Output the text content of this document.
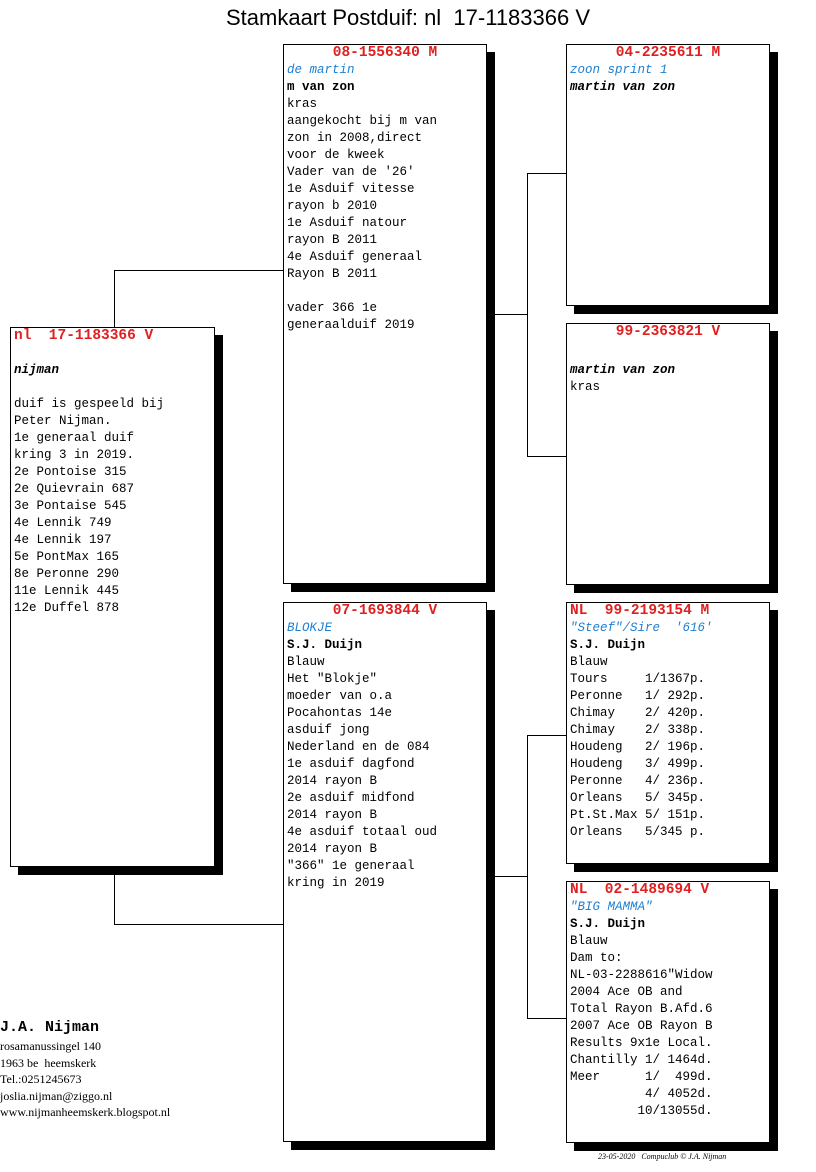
Stamkaart Postduif: nl  17-1183366 V
nl  17-1183366 V
nijman
duif is gespeeld bij
Peter Nijman.
1e generaal duif
kring 3 in 2019.
2e Pontoise 315
2e Quievrain 687
3e Pontaise 545
4e Lennik 749
4e Lennik 197
5e PontMax 165
8e Peronne 290
11e Lennik 445
12e Duffel 878
08-1556340 M
de martin
m van zon
kras
aangekocht bij m van
zon in 2008,direct
voor de kweek
Vader van de '26'
1e Asduif vitesse
rayon b 2010
1e Asduif natour
rayon B 2011
4e Asduif generaal
Rayon B 2011
vader 366 1e
generaalduif 2019
07-1693844 V
BLOKJE
S.J. Duijn
Blauw
Het "Blokje"
moeder van o.a
Pocahontas 14e
asduif jong
Nederland en de 084
1e asduif dagfond
2014 rayon B
2e asduif midfond
2014 rayon B
4e asduif totaal oud
2014 rayon B
"366" 1e generaal
kring in 2019
04-2235611 M
zoon sprint 1
martin van zon
99-2363821 V
martin van zon
kras
NL  99-2193154 M
"Steef"/Sire  '616'
S.J. Duijn
Blauw
Tours     1/1367p.
Peronne   1/ 292p.
Chimay    2/ 420p.
Chimay    2/ 338p.
Houdeng   2/ 196p.
Houdeng   3/ 499p.
Peronne   4/ 236p.
Orleans   5/ 345p.
Pt.St.Max 5/ 151p.
Orleans   5/345 p.
NL  02-1489694 V
"BIG MAMMA"
S.J. Duijn
Blauw
Dam to:
NL-03-2288616"Widow
2004 Ace OB and
Total Rayon B.Afd.6
2007 Ace OB Rayon B
Results 9x1e Local.
Chantilly 1/ 1464d.
Meer      1/  499d.
4/ 4052d.
10/13055d.
J.A. Nijman
rosamanussingel 140
1963 be  heemskerk
Tel.:0251245673
joslia.nijman@ziggo.nl
www.nijmanheemskerk.blogspot.nl
23-05-2020   Compuclub © J.A. Nijman
